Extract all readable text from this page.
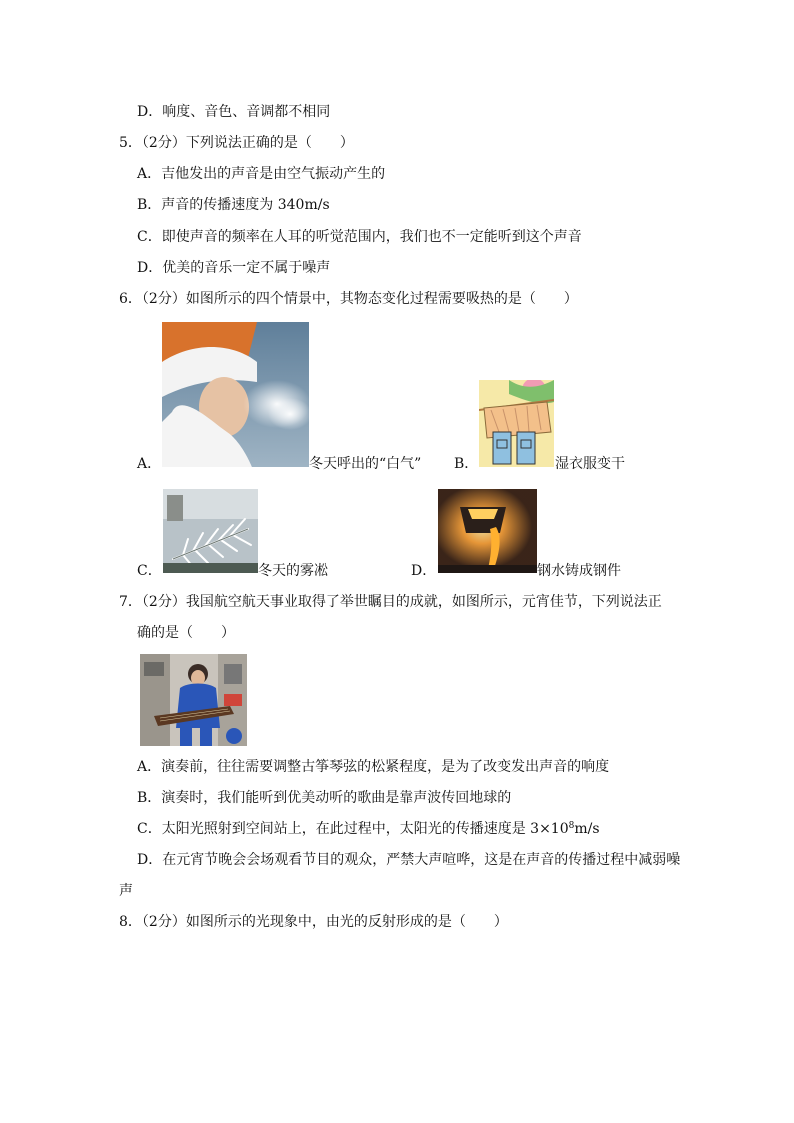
D．响度、音色、音调都不相同
5．（2分）下列说法正确的是（　　）
A．吉他发出的声音是由空气振动产生的
B．声音的传播速度为 340m/s
C．即使声音的频率在人耳的听觉范围内，我们也不一定能听到这个声音
D．优美的音乐一定不属于噪声
6．（2分）如图所示的四个情景中，其物态变化过程需要吸热的是（　　）
A．	冬天呼出的“白气” B．	湿衣服变干
C．	冬天的雾凇	D．	钢水铸成钢件
7．（2分）我国航空航天事业取得了举世瞩目的成就，如图所示，元宵佳节，下列说法正
确的是（　　）
A．演奏前，往往需要调整古筝琴弦的松紧程度，是为了改变发出声音的响度
B．演奏时，我们能听到优美动听的歌曲是靠声波传回地球的
C．太阳光照射到空间站上，在此过程中，太阳光的传播速度是 $3\times 10^8m/s$
D．在元宵节晚会会场观看节目的观众，严禁大声喧哗，这是在声音的传播过程中减弱噪
声
8．（2分）如图所示的光现象中，由光的反射形成的是（　　）
